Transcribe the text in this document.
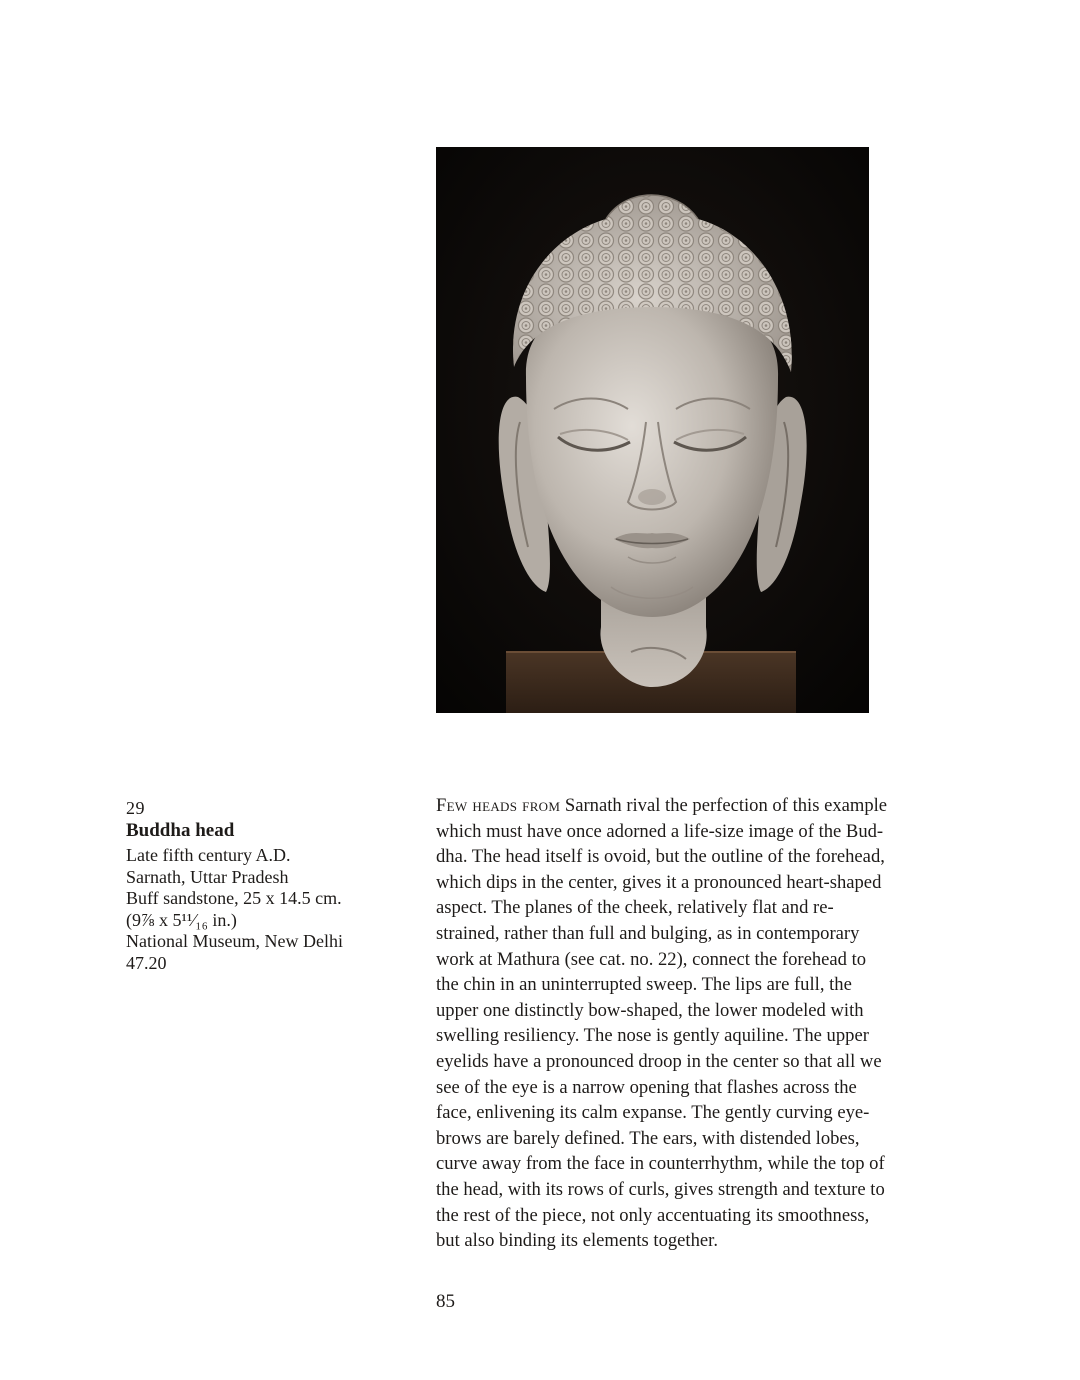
29
Buddha head
Late fifth century A.D.
Sarnath, Uttar Pradesh
Buff sandstone, 25 x 14.5 cm.
(9⅞ x 5¹¹⁄₁₆ in.)
National Museum, New Delhi
47.20
Few heads from Sarnath rival the perfection of this example
which must have once adorned a life-size image of the Bud-
dha. The head itself is ovoid, but the outline of the forehead,
which dips in the center, gives it a pronounced heart-shaped
aspect. The planes of the cheek, relatively flat and re-
strained, rather than full and bulging, as in contemporary
work at Mathura (see cat. no. 22), connect the forehead to
the chin in an uninterrupted sweep. The lips are full, the
upper one distinctly bow-shaped, the lower modeled with
swelling resiliency. The nose is gently aquiline. The upper
eyelids have a pronounced droop in the center so that all we
see of the eye is a narrow opening that flashes across the
face, enlivening its calm expanse. The gently curving eye-
brows are barely defined. The ears, with distended lobes,
curve away from the face in counterrhythm, while the top of
the head, with its rows of curls, gives strength and texture to
the rest of the piece, not only accentuating its smoothness,
but also binding its elements together.
85
